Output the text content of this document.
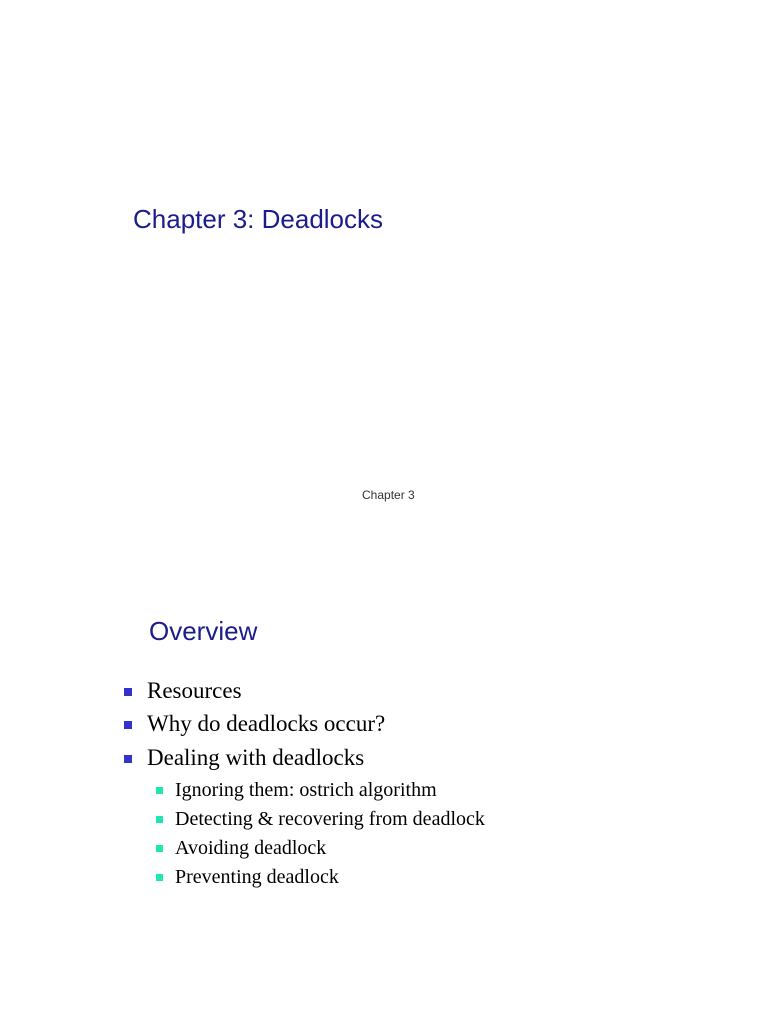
Chapter 3: Deadlocks
Chapter 3
Overview
Resources
Why do deadlocks occur?
Dealing with deadlocks
Ignoring them: ostrich algorithm
Detecting & recovering from deadlock
Avoiding deadlock
Preventing deadlock
